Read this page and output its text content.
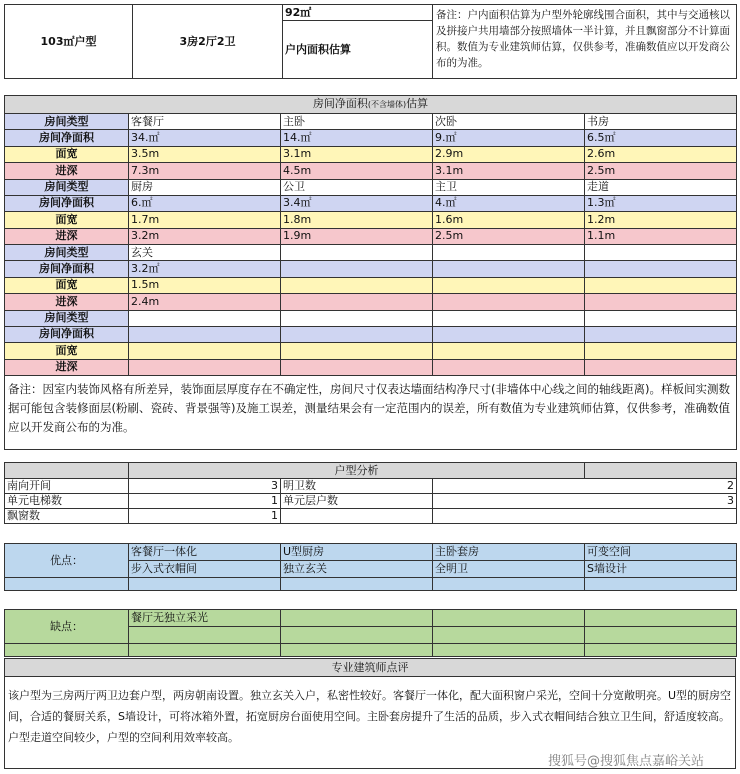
103㎡户型	3房2厅2卫	92㎡	备注：户内面积估算为户型外轮廓线围合面积，其中与交通核以及拼接户共用墙部分按照墙体一半计算，并且飘窗部分不计算面积。数值为专业建筑师估算，仅供参考，准确数值应以开发商公布的为准。
户内面积估算
房间净面积(不含墙体)估算				
房间类型	客餐厅	主卧	次卧	书房
房间净面积	34.㎡	14.㎡	9.㎡	6.5㎡
面宽	3.5m	3.1m	2.9m	2.6m
进深	7.3m	4.5m	3.1m	2.5m
房间类型	厨房	公卫	主卫	走道
房间净面积	6.㎡	3.4㎡	4.㎡	1.3㎡
面宽	1.7m	1.8m	1.6m	1.2m
进深	3.2m	1.9m	2.5m	1.1m
房间类型	玄关			
房间净面积	3.2㎡			
面宽	1.5m			
进深	2.4m			
房间类型				
房间净面积				
面宽				
进深				
备注：因室内装饰风格有所差异，装饰面层厚度存在不确定性，房间尺寸仅表达墙面结构净尺寸(非墙体中心线之间的轴线距离)。样板间实测数据可能包含装修面层(粉刷、瓷砖、背景强等)及施工误差，测量结果会有一定范围内的误差，所有数值为专业建筑师估算，仅供参考，准确数值应以开发商公布的为准。				
	户型分析			
南向开间	3	明卫数	2	
单元电梯数	1	单元层户数	3	
飘窗数	1			
优点：	客餐厅一体化	U型厨房	主卧套房	可变空间
	步入式衣帽间	独立玄关	全明卫	S墙设计

缺点：	餐厅无独立采光			

专业建筑师点评
该户型为三房两厅两卫边套户型，两房朝南设置。独立玄关入户，私密性较好。客餐厅一体化，配大面积窗户采光，空间十分宽敞明亮。U型的厨房空间，合适的餐厨关系，S墙设计，可将冰箱外置，拓宽厨房台面使用空间。主卧套房提升了生活的品质，步入式衣帽间结合独立卫生间，舒适度较高。户型走道空间较少，户型的空间利用效率较高。
搜狐号@搜狐焦点嘉峪关站
